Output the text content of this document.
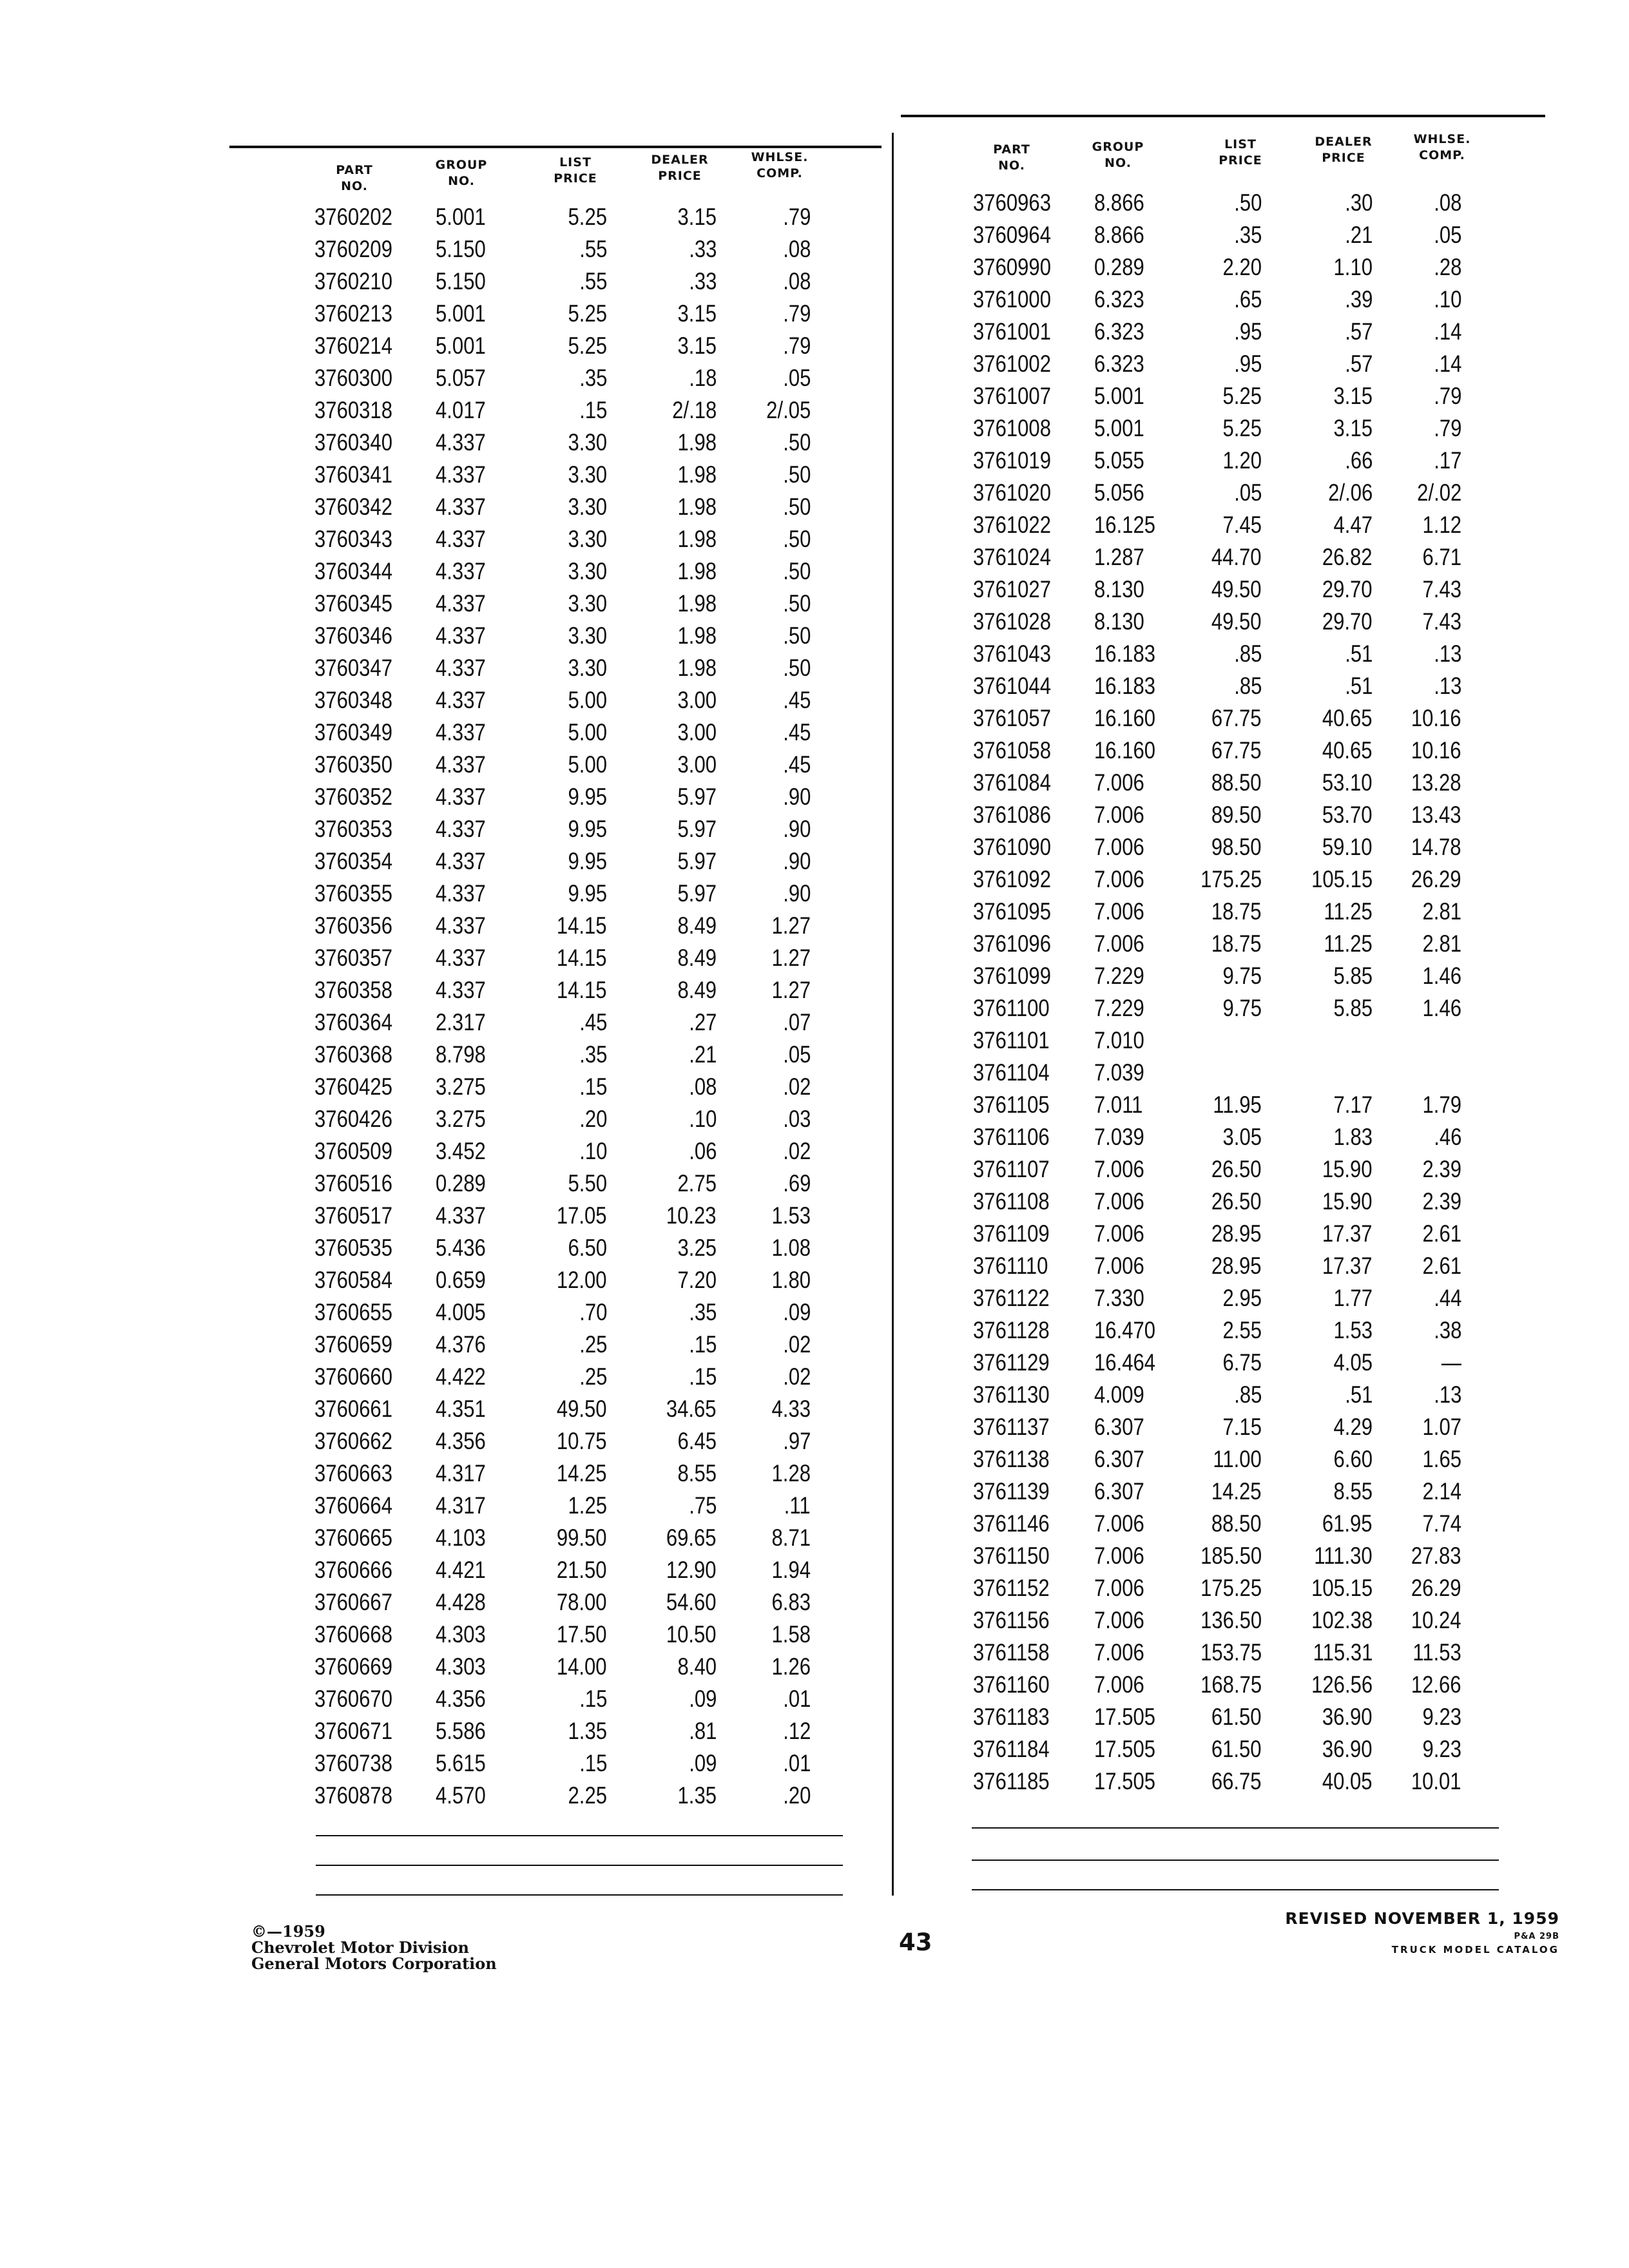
PART
NO.
GROUP
NO.
LIST
PRICE
DEALER
PRICE
WHLSE.
COMP.
3760202 5.001	5.25	3.15	.79
3760209 5.150	.55	.33	.08
3760210 5.150	.55	.33	.08
3760213 5.001	5.25	3.15	.79
3760214 5.001	5.25	3.15	.79
3760300 5.057	.35	.18	.05
3760318 4.017	.15	2/.18 2/.05
3760340 4.337	3.30	1.98	.50
3760341 4.337	3.30	1.98	.50
3760342 4.337	3.30	1.98	.50
3760343 4.337	3.30	1.98	.50
3760344 4.337	3.30	1.98	.50
3760345 4.337	3.30	1.98	.50
3760346 4.337	3.30	1.98	.50
3760347 4.337	3.30	1.98	.50
3760348 4.337	5.00	3.00	.45
3760349 4.337	5.00	3.00	.45
3760350 4.337	5.00	3.00	.45
3760352 4.337	9.95	5.97	.90
3760353 4.337	9.95	5.97	.90
3760354 4.337	9.95	5.97	.90
3760355 4.337	9.95	5.97	.90
3760356 4.337	14.15	8.49 1.27
3760357 4.337	14.15	8.49 1.27
3760358 4.337	14.15	8.49 1.27
3760364 2.317	.45	.27	.07
3760368 8.798	.35	.21	.05
3760425 3.275	.15	.08	.02
3760426 3.275	.20	.10	.03
3760509 3.452	.10	.06	.02
3760516 0.289	5.50	2.75	.69
3760517 4.337	17.05 10.23 1.53
3760535 5.436	6.50	3.25 1.08
3760584 0.659	12.00	7.20 1.80
3760655 4.005	.70	.35	.09
3760659 4.376	.25	.15	.02
3760660 4.422	.25	.15	.02
3760661 4.351	49.50 34.65 4.33
3760662 4.356	10.75	6.45	.97
3760663 4.317	14.25	8.55 1.28
3760664 4.317	1.25	.75	.11
3760665 4.103	99.50 69.65 8.71
3760666 4.421	21.50 12.90 1.94
3760667 4.428	78.00 54.60 6.83
3760668 4.303	17.50 10.50 1.58
3760669 4.303	14.00	8.40 1.26
3760670 4.356	.15	.09	.01
3760671 5.586	1.35	.81	.12
3760738 5.615	.15	.09	.01
3760878 4.570	2.25	1.35	.20
PART
NO.
GROUP
NO.
LIST
PRICE
DEALER
PRICE
WHLSE.
COMP.
3760963 8.866	.50	.30	.08
3760964 8.866	.35	.21	.05
3760990 0.289	2.20	1.10	.28
3761000 6.323	.65	.39	.10
3761001 6.323	.95	.57	.14
3761002 6.323	.95	.57	.14
3761007 5.001	5.25	3.15	.79
3761008 5.001	5.25	3.15	.79
3761019 5.055	1.20	.66	.17
3761020 5.056	.05	2/.06 2/.02
3761022 16.125	7.45	4.47 1.12
3761024 1.287	44.70	26.82 6.71
3761027 8.130	49.50	29.70 7.43
3761028 8.130	49.50	29.70 7.43
3761043 16.183	.85	.51	.13
3761044 16.183	.85	.51	.13
3761057 16.160 67.75	40.65 10.16
3761058 16.160 67.75	40.65 10.16
3761084 7.006	88.50	53.10 13.28
3761086 7.006	89.50	53.70 13.43
3761090 7.006	98.50	59.10 14.78
3761092 7.006 175.25 105.15 26.29
3761095 7.006	18.75	11.25 2.81
3761096 7.006	18.75	11.25 2.81
3761099 7.229	9.75	5.85 1.46
3761100 7.229	9.75	5.85 1.46
3761101 7.010
3761104 7.039
3761105 7.011	11.95	7.17 1.79
3761106 7.039	3.05	1.83	.46
3761107 7.006	26.50	15.90 2.39
3761108 7.006	26.50	15.90 2.39
3761109 7.006	28.95	17.37 2.61
3761110 7.006	28.95	17.37 2.61
3761122 7.330	2.95	1.77	.44
3761128 16.470	2.55	1.53	.38
3761129 16.464	6.75	4.05	—
3761130 4.009	.85	.51	.13
3761137 6.307	7.15	4.29 1.07
3761138 6.307	11.00	6.60 1.65
3761139 6.307	14.25	8.55 2.14
3761146 7.006	88.50	61.95 7.74
3761150 7.006 185.50 111.30 27.83
3761152 7.006 175.25 105.15 26.29
3761156 7.006 136.50 102.38 10.24
3761158 7.006 153.75 115.31 11.53
3761160 7.006 168.75 126.56 12.66
3761183 17.505 61.50	36.90 9.23
3761184 17.505 61.50	36.90 9.23
3761185 17.505 66.75	40.05 10.01
©—1959
Chevrolet Motor Division
General Motors Corporation
43
REVISED NOVEMBER 1, 1959
P&A 29B
TRUCK MODEL CATALOG
